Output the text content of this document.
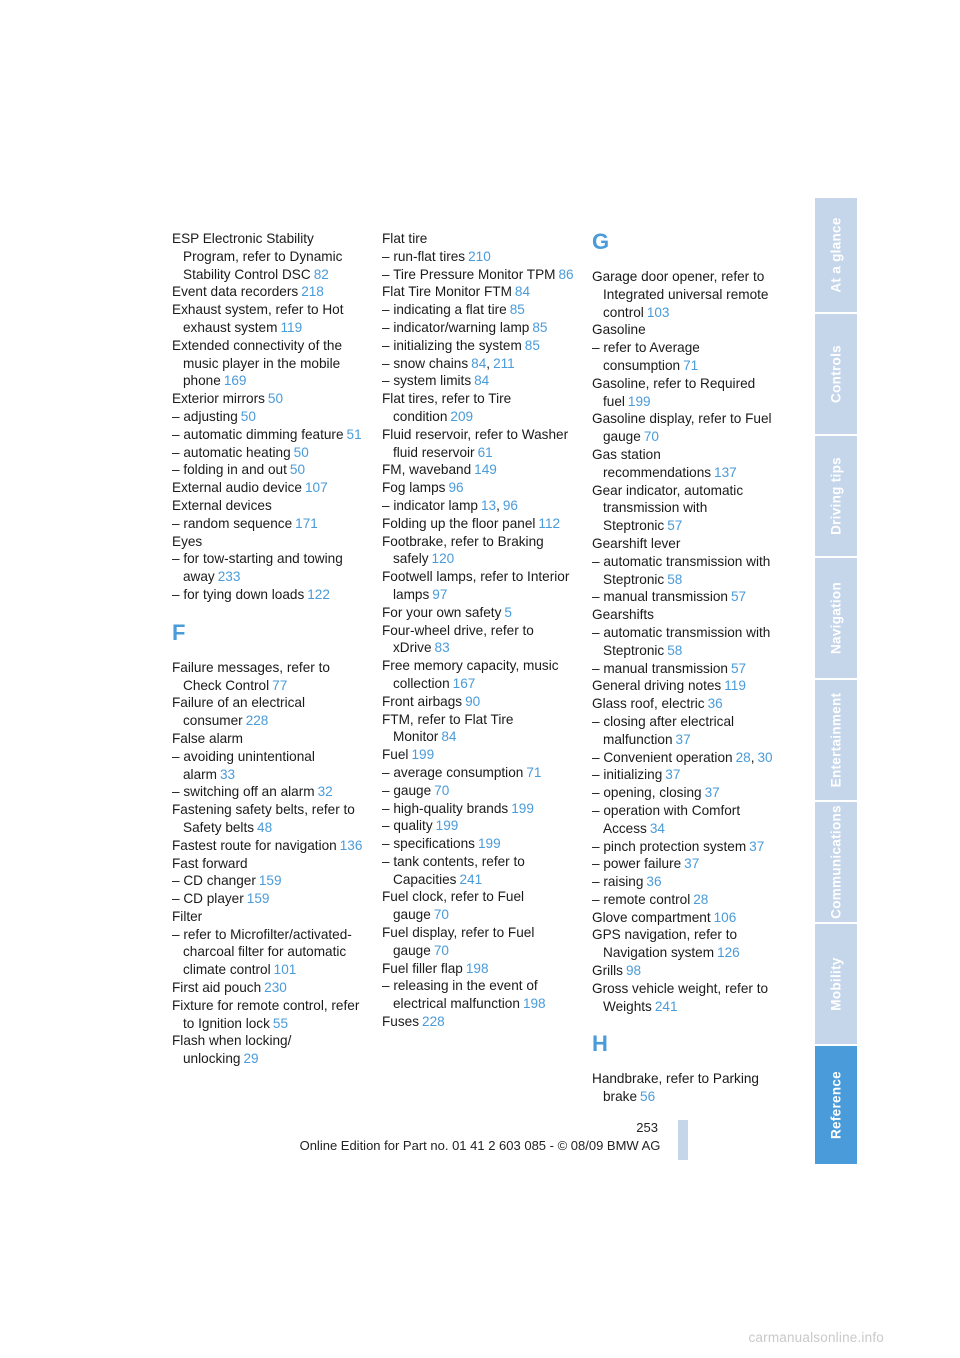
ESP Electronic Stability Program, refer to Dynamic Stability Control DSC 82
Event data recorders 218
Exhaust system, refer to Hot exhaust system 119
Extended connectivity of the music player in the mobile phone 169
Exterior mirrors 50
– adjusting 50
– automatic dimming feature 51
– automatic heating 50
– folding in and out 50
External audio device 107
External devices
– random sequence 171
Eyes
– for tow-starting and towing away 233
– for tying down loads 122
F
Failure messages, refer to Check Control 77
Failure of an electrical consumer 228
False alarm
– avoiding unintentional alarm 33
– switching off an alarm 32
Fastening safety belts, refer to Safety belts 48
Fastest route for navigation 136
Fast forward
– CD changer 159
– CD player 159
Filter
– refer to Microfilter/activated-charcoal filter for automatic climate control 101
First aid pouch 230
Fixture for remote control, refer to Ignition lock 55
Flash when locking/ unlocking 29
Flat tire
– run-flat tires 210
– Tire Pressure Monitor TPM 86
Flat Tire Monitor FTM 84
– indicating a flat tire 85
– indicator/warning lamp 85
– initializing the system 85
– snow chains 84, 211
– system limits 84
Flat tires, refer to Tire condition 209
Fluid reservoir, refer to Washer fluid reservoir 61
FM, waveband 149
Fog lamps 96
– indicator lamp 13, 96
Folding up the floor panel 112
Footbrake, refer to Braking safely 120
Footwell lamps, refer to Interior lamps 97
For your own safety 5
Four-wheel drive, refer to xDrive 83
Free memory capacity, music collection 167
Front airbags 90
FTM, refer to Flat Tire Monitor 84
Fuel 199
– average consumption 71
– gauge 70
– high-quality brands 199
– quality 199
– specifications 199
– tank contents, refer to Capacities 241
Fuel clock, refer to Fuel gauge 70
Fuel display, refer to Fuel gauge 70
Fuel filler flap 198
– releasing in the event of electrical malfunction 198
Fuses 228
G
Garage door opener, refer to Integrated universal remote control 103
Gasoline
– refer to Average consumption 71
Gasoline, refer to Required fuel 199
Gasoline display, refer to Fuel gauge 70
Gas station recommendations 137
Gear indicator, automatic transmission with Steptronic 57
Gearshift lever
– automatic transmission with Steptronic 58
– manual transmission 57
Gearshifts
– automatic transmission with Steptronic 58
– manual transmission 57
General driving notes 119
Glass roof, electric 36
– closing after electrical malfunction 37
– Convenient operation 28, 30
– initializing 37
– opening, closing 37
– operation with Comfort Access 34
– pinch protection system 37
– power failure 37
– raising 36
– remote control 28
Glove compartment 106
GPS navigation, refer to Navigation system 126
Grills 98
Gross vehicle weight, refer to Weights 241
H
Handbrake, refer to Parking brake 56
At a glance
Controls
Driving tips
Navigation
Entertainment
Communications
Mobility
Reference
253
Online Edition for Part no. 01 41 2 603 085 - © 08/09 BMW AG
carmanualsonline.info
